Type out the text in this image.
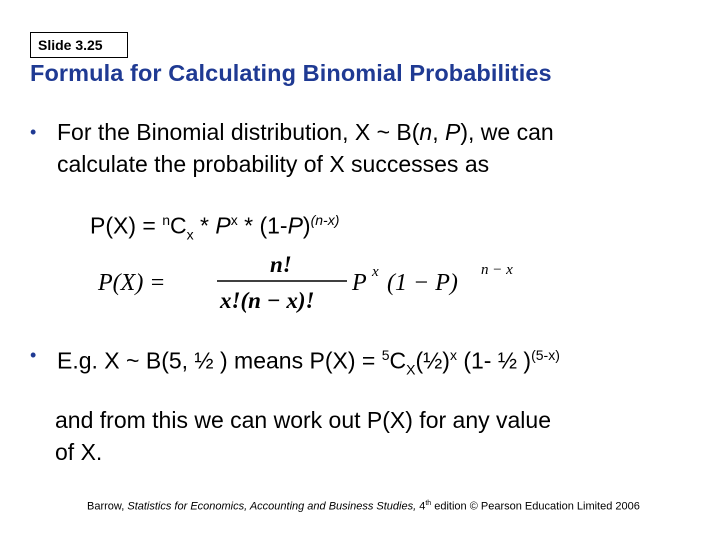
Slide 3.25
Formula for Calculating Binomial Probabilities
• For the Binomial distribution, X ~ B(n, P), we can
calculate the probability of X successes as
$P(X) = ^nC_x * P^x * (1-P)^{(n-x)}$
P(X) =
n!
x!(n − x)!
P x (1 − P) n − x
• E.g. X ~ B(5, ½ ) means $P(X) = ^5C_X(\frac{1}{2})^x$ (1- ½ )$^{(5-x)}$
and from this we can work out P(X) for any value
of X.
Barrow, Statistics for Economics, Accounting and Business Studies, 4th edition © Pearson Education Limited 2006
